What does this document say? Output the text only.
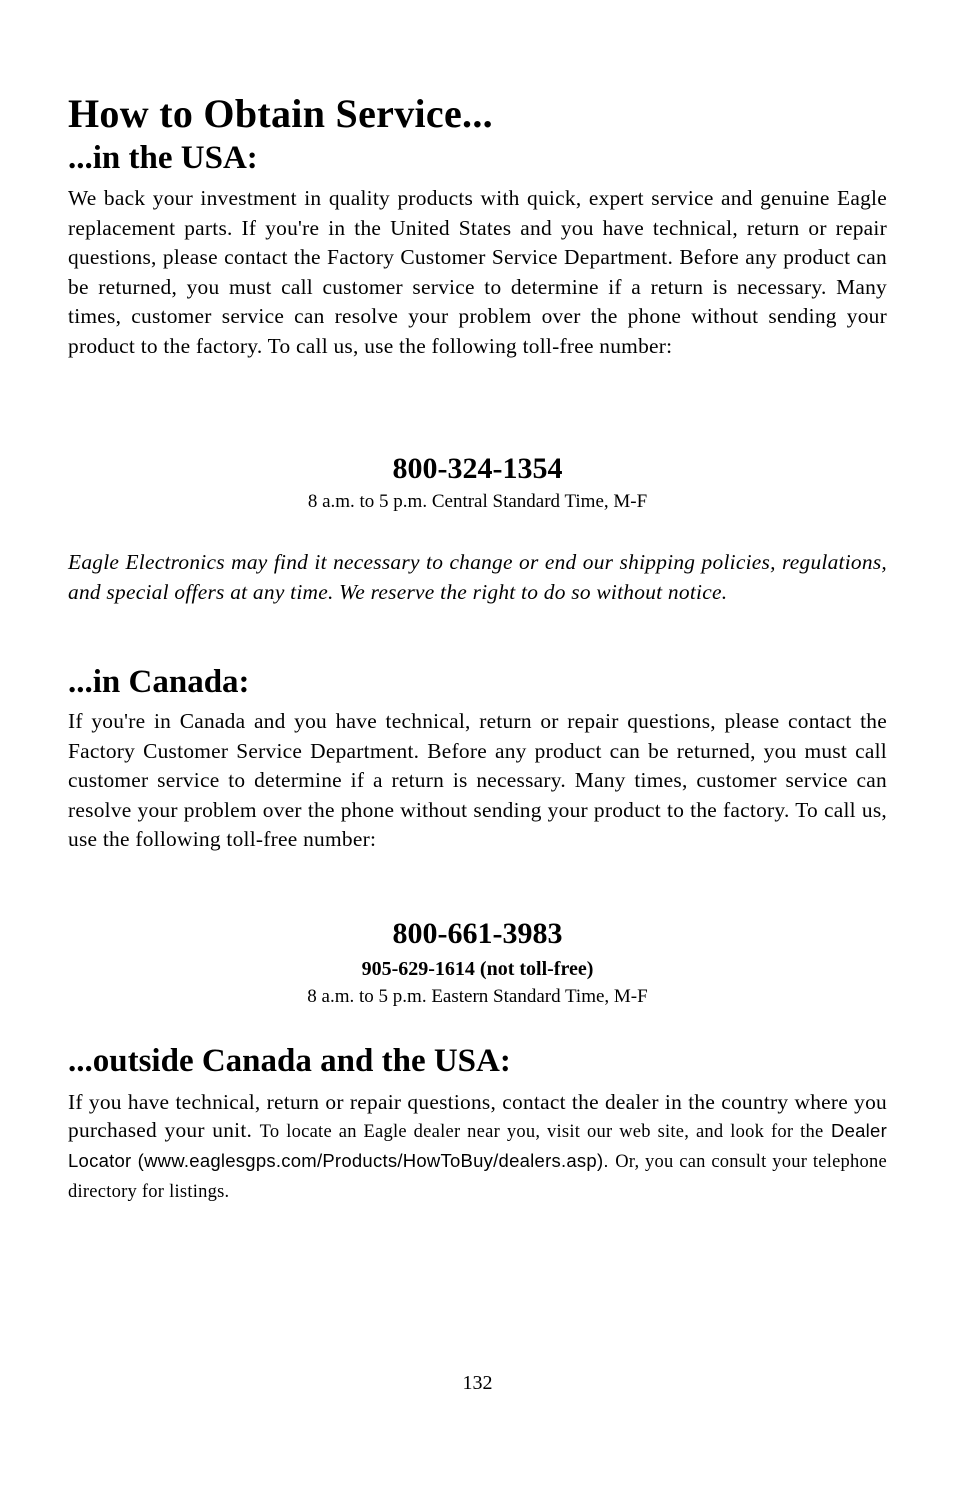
How to Obtain Service...
...in the USA:

We back your investment in quality products with quick, expert service and genuine Eagle replacement parts. If you're in the United States and you have technical, return or repair questions, please contact the Factory Customer Service Department. Before any product can be returned, you must call customer service to determine if a return is necessary. Many times, customer service can resolve your problem over the phone without sending your product to the factory. To call us, use the following toll-free number:

800-324-1354

8 a.m. to 5 p.m. Central Standard Time, M-F

Eagle Electronics may find it necessary to change or end our shipping policies, regulations, and special offers at any time. We reserve the right to do so without notice.

...in Canada:

If you're in Canada and you have technical, return or repair questions, please contact the Factory Customer Service Department. Before any product can be returned, you must call customer service to determine if a return is necessary. Many times, customer service can resolve your problem over the phone without sending your product to the factory. To call us, use the following toll-free number:

800-661-3983

905-629-1614 (not toll-free)

8 a.m. to 5 p.m. Eastern Standard Time, M-F

...outside Canada and the USA:

If you have technical, return or repair questions, contact the dealer in the country where you purchased your unit. To locate an Eagle dealer near you, visit our web site, and look for the Dealer Locator (www.eaglesgps.com/Products/HowToBuy/dealers.asp). Or, you can consult your telephone directory for listings.

132
